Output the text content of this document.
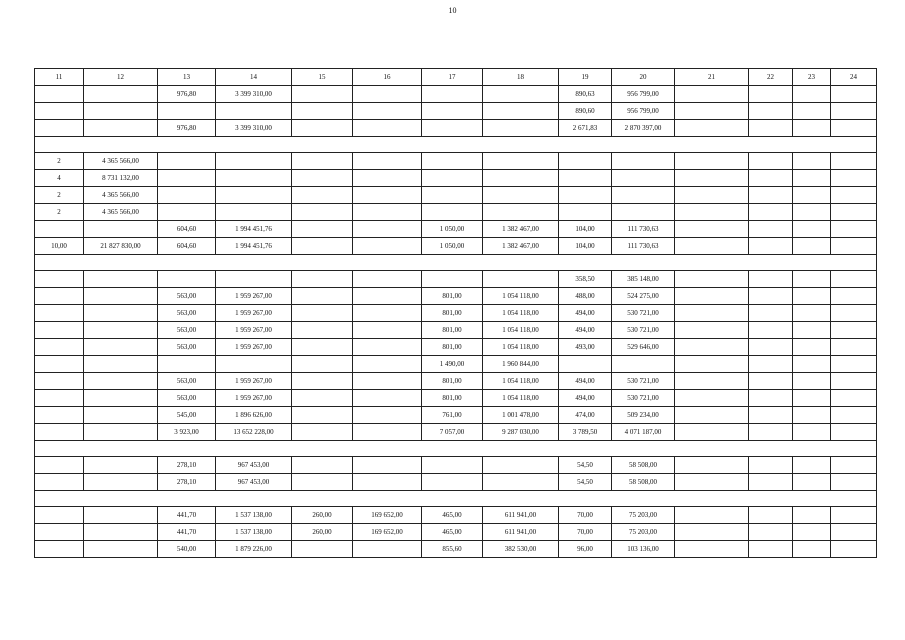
10
11	12	13	14	15	16	17	18	19	20	21	22	23	24
		976,80	3 399 310,00					890,63	956 799,00				
								890,60	956 799,00				
		976,80	3 399 310,00					2 671,83	2 870 397,00				

2	4 365 566,00												
4	8 731 132,00												
2	4 365 566,00												
2	4 365 566,00												
		604,60	1 994 451,76			1 050,00	1 382 467,00	104,00	111 730,63				
10,00	21 827 830,00	604,60	1 994 451,76			1 050,00	1 382 467,00	104,00	111 730,63				

								358,50	385 148,00				
		563,00	1 959 267,00			801,00	1 054 118,00	488,00	524 275,00				
		563,00	1 959 267,00			801,00	1 054 118,00	494,00	530 721,00				
		563,00	1 959 267,00			801,00	1 054 118,00	494,00	530 721,00				
		563,00	1 959 267,00			801,00	1 054 118,00	493,00	529 646,00				
						1 490,00	1 960 844,00						
		563,00	1 959 267,00			801,00	1 054 118,00	494,00	530 721,00				
		563,00	1 959 267,00			801,00	1 054 118,00	494,00	530 721,00				
		545,00	1 896 626,00			761,00	1 001 478,00	474,00	509 234,00				
		3 923,00	13 652 228,00			7 057,00	9 287 030,00	3 789,50	4 071 187,00				

		278,10	967 453,00					54,50	58 508,00				
		278,10	967 453,00					54,50	58 508,00				

		441,70	1 537 138,00	260,00	169 652,00	465,00	611 941,00	70,00	75 203,00				
		441,70	1 537 138,00	260,00	169 652,00	465,00	611 941,00	70,00	75 203,00				
		540,00	1 879 226,00			855,60	382 530,00	96,00	103 136,00				
